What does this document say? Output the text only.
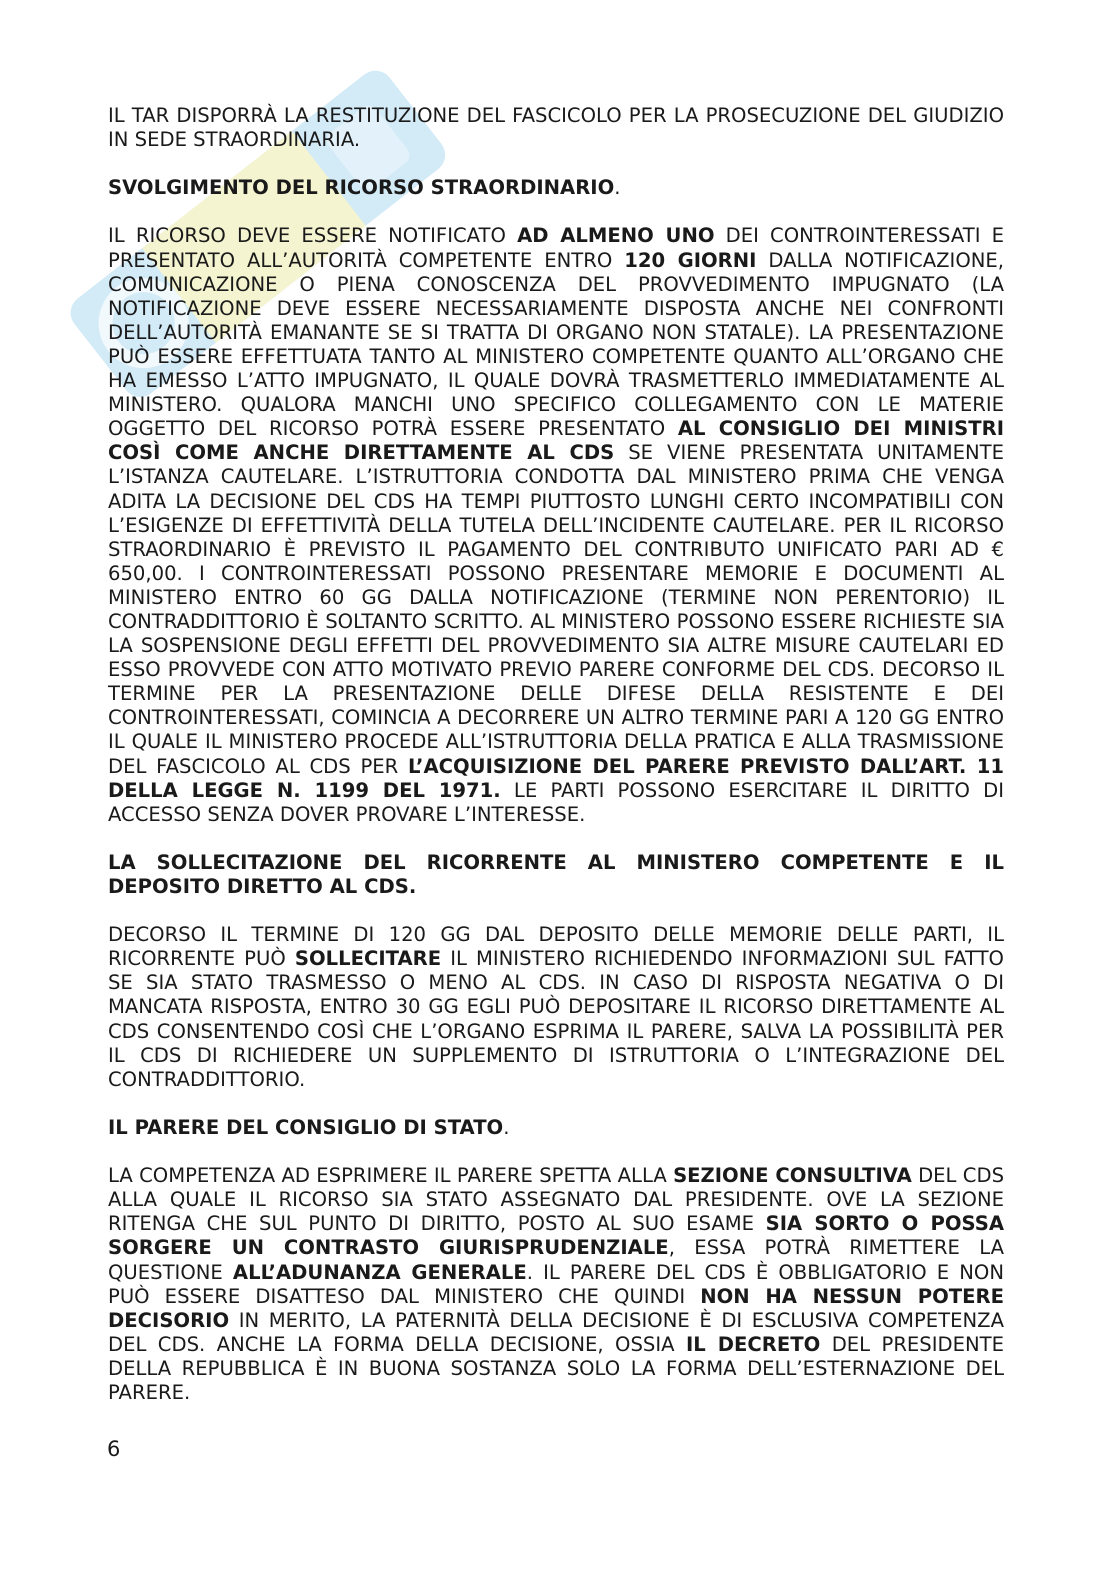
IL TAR DISPORRÀ LA RESTITUZIONE DEL FASCICOLO PER LA PROSECUZIONE DEL GIUDIZIO IN SEDE STRAORDINARIA.

SVOLGIMENTO DEL RICORSO STRAORDINARIO.

IL RICORSO DEVE ESSERE NOTIFICATO AD ALMENO UNO DEI CONTROINTERESSATI E PRESENTATO ALL’AUTORITÀ COMPETENTE ENTRO 120 GIORNI DALLA NOTIFICAZIONE, COMUNICAZIONE O PIENA CONOSCENZA DEL PROVVEDIMENTO IMPUGNATO (LA NOTIFICAZIONE DEVE ESSERE NECESSARIAMENTE DISPOSTA ANCHE NEI CONFRONTI DELL’AUTORITÀ EMANANTE SE SI TRATTA DI ORGANO NON STATALE). LA PRESENTAZIONE PUÒ ESSERE EFFETTUATA TANTO AL MINISTERO COMPETENTE QUANTO ALL’ORGANO CHE HA EMESSO L’ATTO IMPUGNATO, IL QUALE DOVRÀ TRASMETTERLO IMMEDIATAMENTE AL MINISTERO. QUALORA MANCHI UNO SPECIFICO COLLEGAMENTO CON LE MATERIE OGGETTO DEL RICORSO POTRÀ ESSERE PRESENTATO AL CONSIGLIO DEI MINISTRI COSÌ COME ANCHE DIRETTAMENTE AL CDS SE VIENE PRESENTATA UNITAMENTE L’ISTANZA CAUTELARE. L’ISTRUTTORIA CONDOTTA DAL MINISTERO PRIMA CHE VENGA ADITA LA DECISIONE DEL CDS HA TEMPI PIUTTOSTO LUNGHI CERTO INCOMPATIBILI CON L’ESIGENZE DI EFFETTIVITÀ DELLA TUTELA DELL’INCIDENTE CAUTELARE. PER IL RICORSO STRAORDINARIO È PREVISTO IL PAGAMENTO DEL CONTRIBUTO UNIFICATO PARI AD € 650,00. I CONTROINTERESSATI POSSONO PRESENTARE MEMORIE E DOCUMENTI AL MINISTERO ENTRO 60 GG DALLA NOTIFICAZIONE (TERMINE NON PERENTORIO) IL CONTRADDITTORIO È SOLTANTO SCRITTO. AL MINISTERO POSSONO ESSERE RICHIESTE SIA LA SOSPENSIONE DEGLI EFFETTI DEL PROVVEDIMENTO SIA ALTRE MISURE CAUTELARI ED ESSO PROVVEDE CON ATTO MOTIVATO PREVIO PARERE CONFORME DEL CDS. DECORSO IL TERMINE PER LA PRESENTAZIONE DELLE DIFESE DELLA RESISTENTE E DEI CONTROINTERESSATI, COMINCIA A DECORRERE UN ALTRO TERMINE PARI A 120 GG ENTRO IL QUALE IL MINISTERO PROCEDE ALL’ISTRUTTORIA DELLA PRATICA E ALLA TRASMISSIONE DEL FASCICOLO AL CDS PER L’ACQUISIZIONE DEL PARERE PREVISTO DALL’ART. 11 DELLA LEGGE N. 1199 DEL 1971. LE PARTI POSSONO ESERCITARE IL DIRITTO DI ACCESSO SENZA DOVER PROVARE L’INTERESSE.

LA SOLLECITAZIONE DEL RICORRENTE AL MINISTERO COMPETENTE E IL DEPOSITO DIRETTO AL CDS.

DECORSO IL TERMINE DI 120 GG DAL DEPOSITO DELLE MEMORIE DELLE PARTI, IL RICORRENTE PUÒ SOLLECITARE IL MINISTERO RICHIEDENDO INFORMAZIONI SUL FATTO SE SIA STATO TRASMESSO O MENO AL CDS. IN CASO DI RISPOSTA NEGATIVA O DI MANCATA RISPOSTA, ENTRO 30 GG EGLI PUÒ DEPOSITARE IL RICORSO DIRETTAMENTE AL CDS CONSENTENDO COSÌ CHE L’ORGANO ESPRIMA IL PARERE, SALVA LA POSSIBILITÀ PER IL CDS DI RICHIEDERE UN SUPPLEMENTO DI ISTRUTTORIA O L’INTEGRAZIONE DEL CONTRADDITTORIO.

IL PARERE DEL CONSIGLIO DI STATO.

LA COMPETENZA AD ESPRIMERE IL PARERE SPETTA ALLA SEZIONE CONSULTIVA DEL CDS ALLA QUALE IL RICORSO SIA STATO ASSEGNATO DAL PRESIDENTE. OVE LA SEZIONE RITENGA CHE SUL PUNTO DI DIRITTO, POSTO AL SUO ESAME SIA SORTO O POSSA SORGERE UN CONTRASTO GIURISPRUDENZIALE, ESSA POTRÀ RIMETTERE LA QUESTIONE ALL’ADUNANZA GENERALE. IL PARERE DEL CDS È OBBLIGATORIO E NON PUÒ ESSERE DISATTESO DAL MINISTERO CHE QUINDI NON HA NESSUN POTERE DECISORIO IN MERITO, LA PATERNITÀ DELLA DECISIONE È DI ESCLUSIVA COMPETENZA DEL CDS. ANCHE LA FORMA DELLA DECISIONE, OSSIA IL DECRETO DEL PRESIDENTE DELLA REPUBBLICA È IN BUONA SOSTANZA SOLO LA FORMA DELL’ESTERNAZIONE DEL PARERE.

6
